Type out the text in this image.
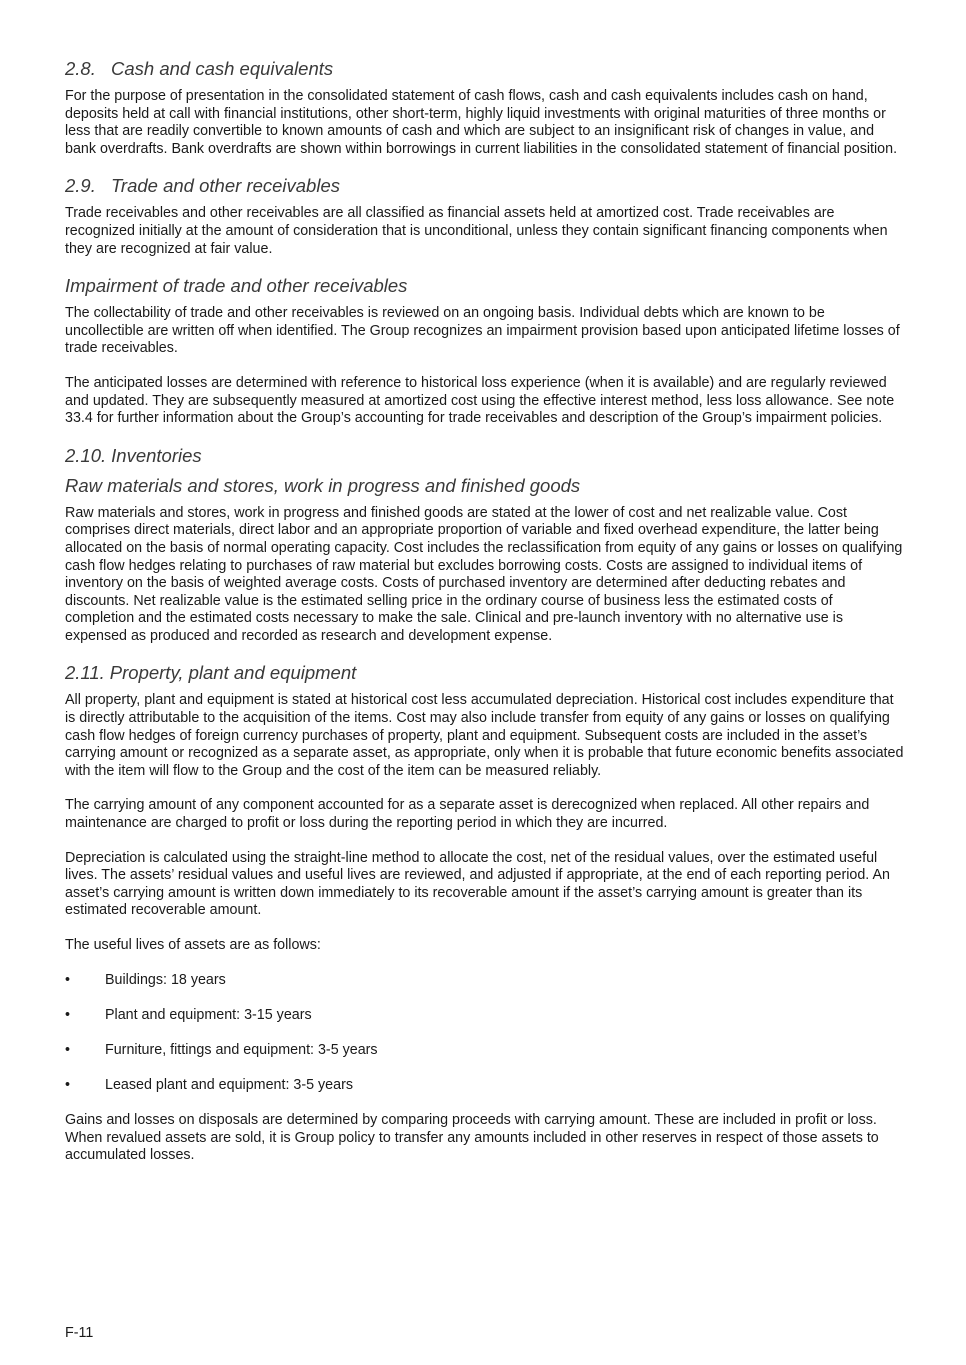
2.8. Cash and cash equivalents

For the purpose of presentation in the consolidated statement of cash flows, cash and cash equivalents includes cash on hand, deposits held at call with financial institutions, other short-term, highly liquid investments with original maturities of three months or less that are readily convertible to known amounts of cash and which are subject to an insignificant risk of changes in value, and bank overdrafts. Bank overdrafts are shown within borrowings in current liabilities in the consolidated statement of financial position.

2.9. Trade and other receivables

Trade receivables and other receivables are all classified as financial assets held at amortized cost. Trade receivables are recognized initially at the amount of consideration that is unconditional, unless they contain significant financing components when they are recognized at fair value.

Impairment of trade and other receivables

The collectability of trade and other receivables is reviewed on an ongoing basis. Individual debts which are known to be uncollectible are written off when identified. The Group recognizes an impairment provision based upon anticipated lifetime losses of trade receivables.

The anticipated losses are determined with reference to historical loss experience (when it is available) and are regularly reviewed and updated. They are subsequently measured at amortized cost using the effective interest method, less loss allowance. See note 33.4 for further information about the Group’s accounting for trade receivables and description of the Group’s impairment policies.

2.10. Inventories
Raw materials and stores, work in progress and finished goods

Raw materials and stores, work in progress and finished goods are stated at the lower of cost and net realizable value. Cost comprises direct materials, direct labor and an appropriate proportion of variable and fixed overhead expenditure, the latter being allocated on the basis of normal operating capacity. Cost includes the reclassification from equity of any gains or losses on qualifying cash flow hedges relating to purchases of raw material but excludes borrowing costs. Costs are assigned to individual items of inventory on the basis of weighted average costs. Costs of purchased inventory are determined after deducting rebates and discounts. Net realizable value is the estimated selling price in the ordinary course of business less the estimated costs of completion and the estimated costs necessary to make the sale. Clinical and pre-launch inventory with no alternative use is expensed as produced and recorded as research and development expense.

2.11. Property, plant and equipment

All property, plant and equipment is stated at historical cost less accumulated depreciation. Historical cost includes expenditure that is directly attributable to the acquisition of the items. Cost may also include transfer from equity of any gains or losses on qualifying cash flow hedges of foreign currency purchases of property, plant and equipment. Subsequent costs are included in the asset’s carrying amount or recognized as a separate asset, as appropriate, only when it is probable that future economic benefits associated with the item will flow to the Group and the cost of the item can be measured reliably.

The carrying amount of any component accounted for as a separate asset is derecognized when replaced. All other repairs and maintenance are charged to profit or loss during the reporting period in which they are incurred.

Depreciation is calculated using the straight-line method to allocate the cost, net of the residual values, over the estimated useful lives. The assets’ residual values and useful lives are reviewed, and adjusted if appropriate, at the end of each reporting period. An asset’s carrying amount is written down immediately to its recoverable amount if the asset’s carrying amount is greater than its estimated recoverable amount.

The useful lives of assets are as follows:

• Buildings: 18 years
• Plant and equipment: 3-15 years
• Furniture, fittings and equipment: 3-5 years
• Leased plant and equipment: 3-5 years

Gains and losses on disposals are determined by comparing proceeds with carrying amount. These are included in profit or loss. When revalued assets are sold, it is Group policy to transfer any amounts included in other reserves in respect of those assets to accumulated losses.

F-11
